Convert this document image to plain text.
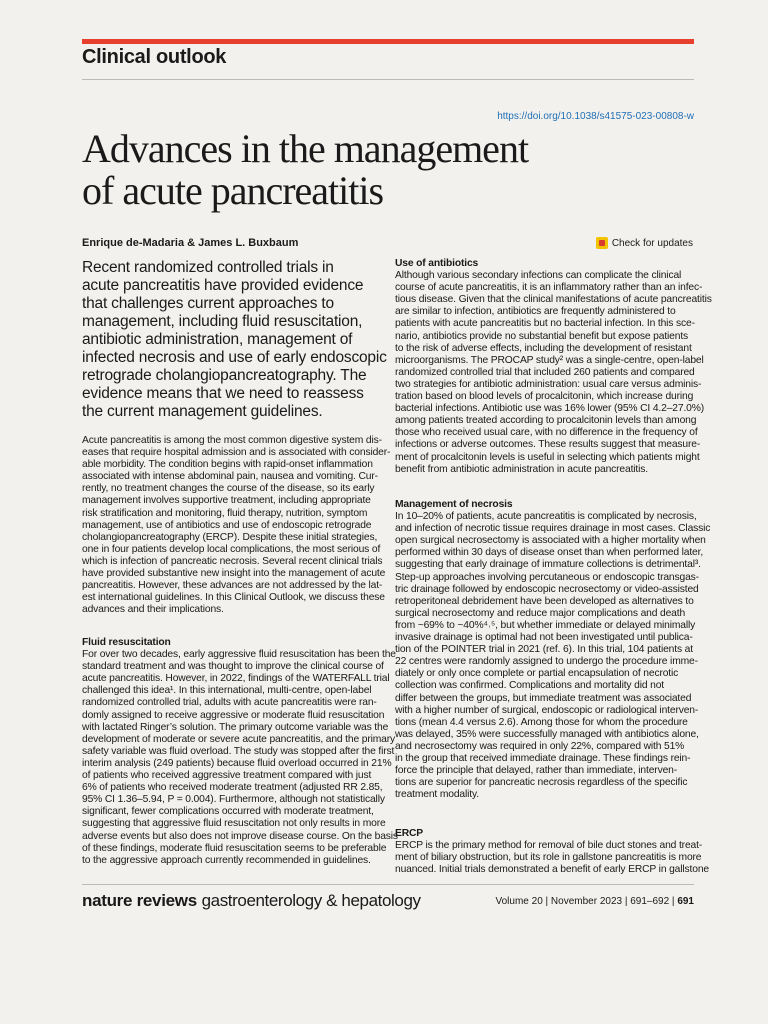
Clinical outlook
https://doi.org/10.1038/s41575-023-00808-w
Advances in the management
of acute pancreatitis
Enrique de-Madaria & James L. Buxbaum	Check for updates
Recent randomized controlled trials in
acute pancreatitis have provided evidence
that challenges current approaches to
management, including fluid resuscitation,
antibiotic administration, management of
infected necrosis and use of early endoscopic
retrograde cholangiopancreatography. The
evidence means that we need to reassess
the current management guidelines.
Acute pancreatitis is among the most common digestive system dis-
eases that require hospital admission and is associated with consider-
able morbidity. The condition begins with rapid-onset inflammation
associated with intense abdominal pain, nausea and vomiting. Cur-
rently, no treatment changes the course of the disease, so its early
management involves supportive treatment, including appropriate
risk stratification and monitoring, fluid therapy, nutrition, symptom
management, use of antibiotics and use of endoscopic retrograde
cholangiopancreatography (ERCP). Despite these initial strategies,
one in four patients develop local complications, the most serious of
which is infection of pancreatic necrosis. Several recent clinical trials
have provided substantive new insight into the management of acute
pancreatitis. However, these advances are not addressed by the lat-
est international guidelines. In this Clinical Outlook, we discuss these
advances and their implications.
Fluid resuscitation
For over two decades, early aggressive fluid resuscitation has been the
standard treatment and was thought to improve the clinical course of
acute pancreatitis. However, in 2022, findings of the WATERFALL trial
challenged this idea¹. In this international, multi-centre, open-label
randomized controlled trial, adults with acute pancreatitis were ran-
domly assigned to receive aggressive or moderate fluid resuscitation
with lactated Ringer’s solution. The primary outcome variable was the
development of moderate or severe acute pancreatitis, and the primary
safety variable was fluid overload. The study was stopped after the first
interim analysis (249 patients) because fluid overload occurred in 21%
of patients who received aggressive treatment compared with just
6% of patients who received moderate treatment (adjusted RR 2.85,
95% CI 1.36–5.94, P = 0.004). Furthermore, although not statistically
significant, fewer complications occurred with moderate treatment,
suggesting that aggressive fluid resuscitation not only results in more
adverse events but also does not improve disease course. On the basis
of these findings, moderate fluid resuscitation seems to be preferable
to the aggressive approach currently recommended in guidelines.
Use of antibiotics
Although various secondary infections can complicate the clinical
course of acute pancreatitis, it is an inflammatory rather than an infec-
tious disease. Given that the clinical manifestations of acute pancreatitis
are similar to infection, antibiotics are frequently administered to
patients with acute pancreatitis but no bacterial infection. In this sce-
nario, antibiotics provide no substantial benefit but expose patients
to the risk of adverse effects, including the development of resistant
microorganisms. The PROCAP study² was a single-centre, open-label
randomized controlled trial that included 260 patients and compared
two strategies for antibiotic administration: usual care versus adminis-
tration based on blood levels of procalcitonin, which increase during
bacterial infections. Antibiotic use was 16% lower (95% CI 4.2–27.0%)
among patients treated according to procalcitonin levels than among
those who received usual care, with no difference in the frequency of
infections or adverse outcomes. These results suggest that measure-
ment of procalcitonin levels is useful in selecting which patients might
benefit from antibiotic administration in acute pancreatitis.
Management of necrosis
In 10–20% of patients, acute pancreatitis is complicated by necrosis,
and infection of necrotic tissue requires drainage in most cases. Classic
open surgical necrosectomy is associated with a higher mortality when
performed within 30 days of disease onset than when performed later,
suggesting that early drainage of immature collections is detrimental³.
Step-up approaches involving percutaneous or endoscopic transgas-
tric drainage followed by endoscopic necrosectomy or video-assisted
retroperitoneal debridement have been developed as alternatives to
surgical necrosectomy and reduce major complications and death
from ~69% to ~40%⁴˒⁵, but whether immediate or delayed minimally
invasive drainage is optimal had not been investigated until publica-
tion of the POINTER trial in 2021 (ref. 6). In this trial, 104 patients at
22 centres were randomly assigned to undergo the procedure imme-
diately or only once complete or partial encapsulation of necrotic
collection was confirmed. Complications and mortality did not
differ between the groups, but immediate treatment was associated
with a higher number of surgical, endoscopic or radiological interven-
tions (mean 4.4 versus 2.6). Among those for whom the procedure
was delayed, 35% were successfully managed with antibiotics alone,
and necrosectomy was required in only 22%, compared with 51%
in the group that received immediate drainage. These findings rein-
force the principle that delayed, rather than immediate, interven-
tions are superior for pancreatic necrosis regardless of the specific
treatment modality.
ERCP
ERCP is the primary method for removal of bile duct stones and treat-
ment of biliary obstruction, but its role in gallstone pancreatitis is more
nuanced. Initial trials demonstrated a benefit of early ERCP in gallstone
nature reviews gastroenterology & hepatology	Volume 20 | November 2023 | 691–692 | 691
